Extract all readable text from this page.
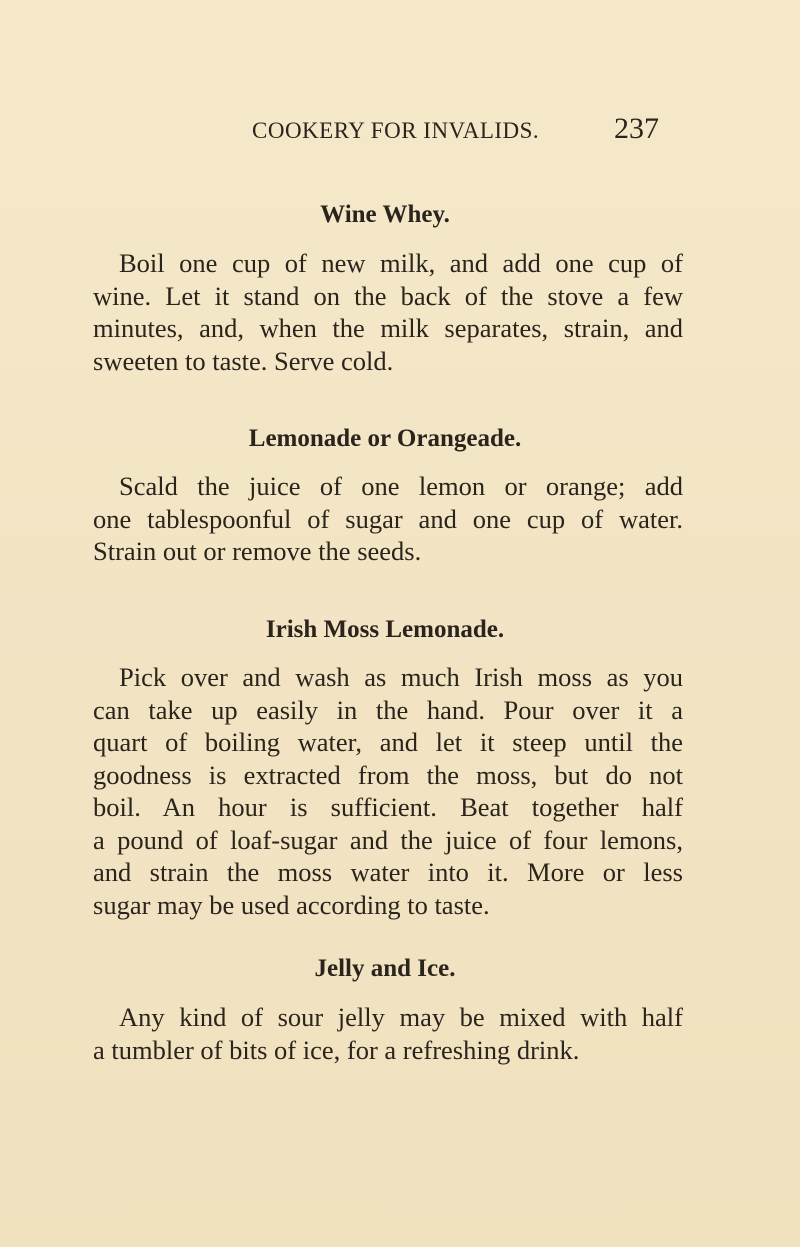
COOKERY FOR INVALIDS. 237
Wine Whey.
Boil one cup of new milk, and add one cup of
wine. Let it stand on the back of the stove a few
minutes, and, when the milk separates, strain, and
sweeten to taste. Serve cold.
Lemonade or Orangeade.
Scald the juice of one lemon or orange; add
one tablespoonful of sugar and one cup of water.
Strain out or remove the seeds.
Irish Moss Lemonade.
Pick over and wash as much Irish moss as you
can take up easily in the hand. Pour over it a
quart of boiling water, and let it steep until the
goodness is extracted from the moss, but do not
boil. An hour is sufficient. Beat together half
a pound of loaf-sugar and the juice of four lemons,
and strain the moss water into it. More or less
sugar may be used according to taste.
Jelly and Ice.
Any kind of sour jelly may be mixed with half
a tumbler of bits of ice, for a refreshing drink.
